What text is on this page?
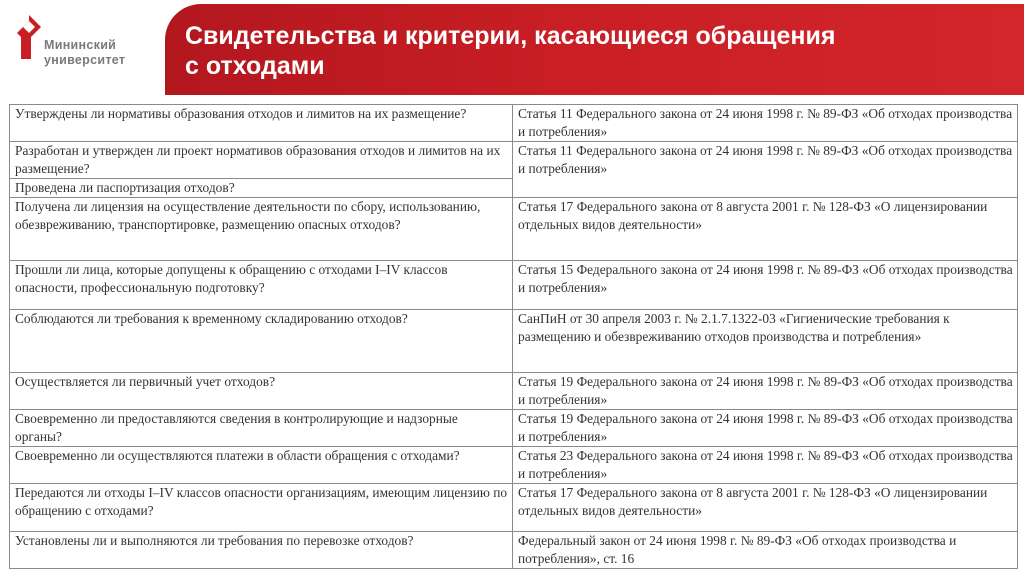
Мининский
университет
Свидетельства и критерии, касающиеся обращения
с отходами
Утверждены ли нормативы образования отходов и лимитов на их размещение?	Статья 11 Федерального закона от 24 июня 1998 г. № 89-ФЗ «Об отходах производства и потребления»
Разработан и утвержден ли проект нормативов образования отходов и лимитов на их размещение?	Статья 11 Федерального закона от 24 июня 1998 г. № 89-ФЗ «Об отходах производства и потребления»
Проведена ли паспортизация отходов?	
Получена ли лицензия на осуществление деятельности по сбору, использованию, обезвреживанию, транспортировке, размещению опасных отходов?	Статья 17 Федерального закона от 8 августа 2001 г. № 128-ФЗ «О лицензировании отдельных видов деятельности»
Прошли ли лица, которые допущены к обращению с отходами I–IV классов опасности, профессиональную подготовку?	Статья 15 Федерального закона от 24 июня 1998 г. № 89-ФЗ «Об отходах производства и потребления»
Соблюдаются ли требования к временному складированию отходов?	СанПиН от 30 апреля 2003 г. № 2.1.7.1322-03 «Гигиенические требования к размещению и обезвреживанию отходов производства и потребления»
Осуществляется ли первичный учет отходов?	Статья 19 Федерального закона от 24 июня 1998 г. № 89-ФЗ «Об отходах производства и потребления»
Своевременно ли предоставляются сведения в контролирующие и надзорные органы?	Статья 19 Федерального закона от 24 июня 1998 г. № 89-ФЗ «Об отходах производства и потребления»
Своевременно ли осуществляются платежи в области обращения с отходами?	Статья 23 Федерального закона от 24 июня 1998 г. № 89-ФЗ «Об отходах производства и потребления»
Передаются ли отходы I–IV классов опасности организациям, имеющим лицензию по обращению с отходами?	Статья 17 Федерального закона от 8 августа 2001 г. № 128-ФЗ «О лицензировании отдельных видов деятельности»
Установлены ли и выполняются ли требования по перевозке отходов?	Федеральный закон от 24 июня 1998 г. № 89-ФЗ «Об отходах производства и потребления», ст. 16
